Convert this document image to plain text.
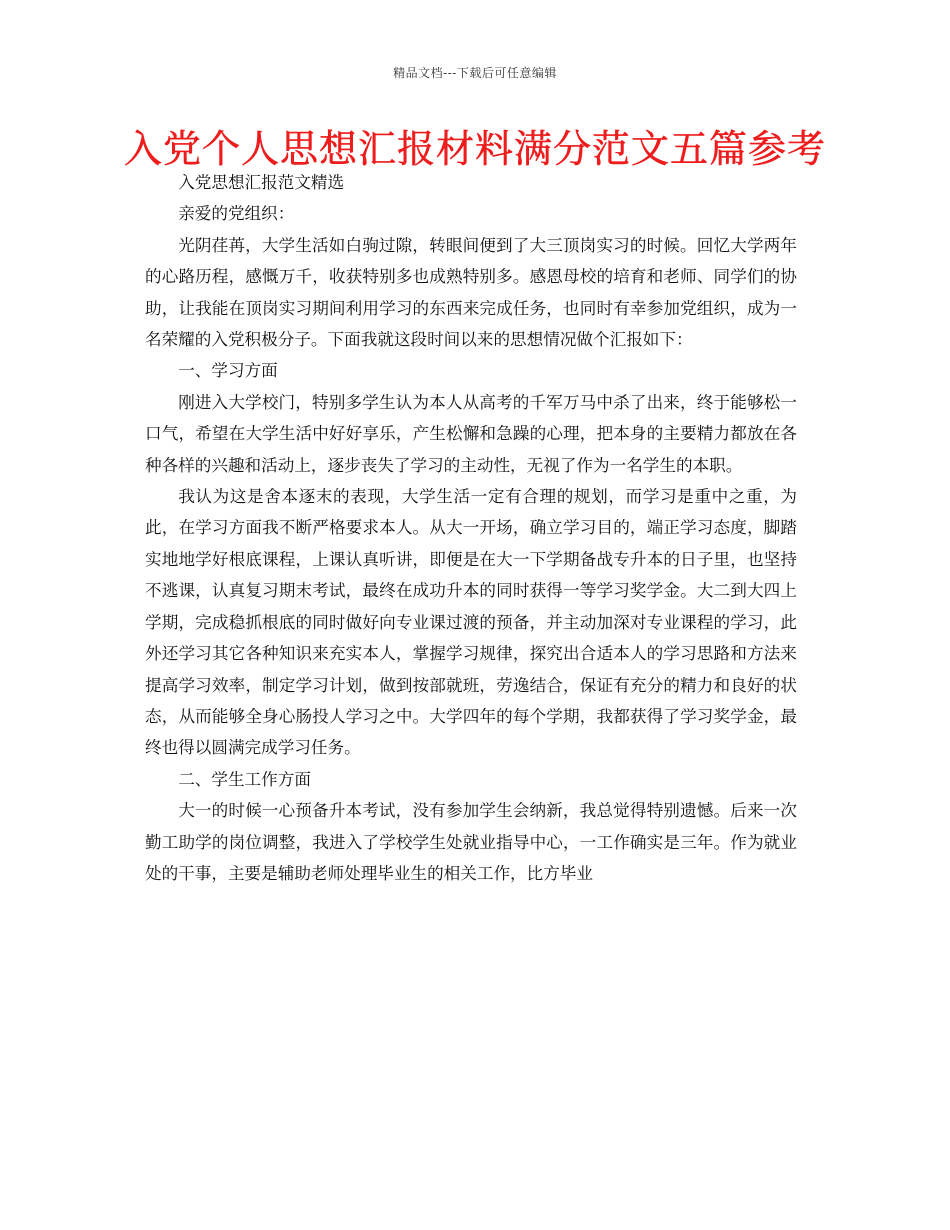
精品文档---下载后可任意编辑
入党个人思想汇报材料满分范文五篇参考

入党思想汇报范文精选

亲爱的党组织：

光阴荏苒，大学生活如白驹过隙，转眼间便到了大三顶岗实习的时候。回忆大学两年的心路历程，感慨万千，收获特别多也成熟特别多。感恩母校的培育和老师、同学们的协助，让我能在顶岗实习期间利用学习的东西来完成任务，也同时有幸参加党组织，成为一名荣耀的入党积极分子。下面我就这段时间以来的思想情况做个汇报如下：

一、学习方面

刚进入大学校门，特别多学生认为本人从高考的千军万马中杀了出来，终于能够松一口气，希望在大学生活中好好享乐，产生松懈和急躁的心理，把本身的主要精力都放在各种各样的兴趣和活动上，逐步丧失了学习的主动性，无视了作为一名学生的本职。

我认为这是舍本逐末的表现，大学生活一定有合理的规划，而学习是重中之重，为此，在学习方面我不断严格要求本人。从大一开场，确立学习目的，端正学习态度，脚踏实地地学好根底课程，上课认真听讲，即便是在大一下学期备战专升本的日子里，也坚持不逃课，认真复习期末考试，最终在成功升本的同时获得一等学习奖学金。大二到大四上学期，完成稳抓根底的同时做好向专业课过渡的预备，并主动加深对专业课程的学习，此外还学习其它各种知识来充实本人，掌握学习规律，探究出合适本人的学习思路和方法来提高学习效率，制定学习计划，做到按部就班，劳逸结合，保证有充分的精力和良好的状态，从而能够全身心肠投人学习之中。大学四年的每个学期，我都获得了学习奖学金，最终也得以圆满完成学习任务。

二、学生工作方面

大一的时候一心预备升本考试，没有参加学生会纳新，我总觉得特别遗憾。后来一次勤工助学的岗位调整，我进入了学校学生处就业指导中心，一工作确实是三年。作为就业处的干事，主要是辅助老师处理毕业生的相关工作，比方毕业
